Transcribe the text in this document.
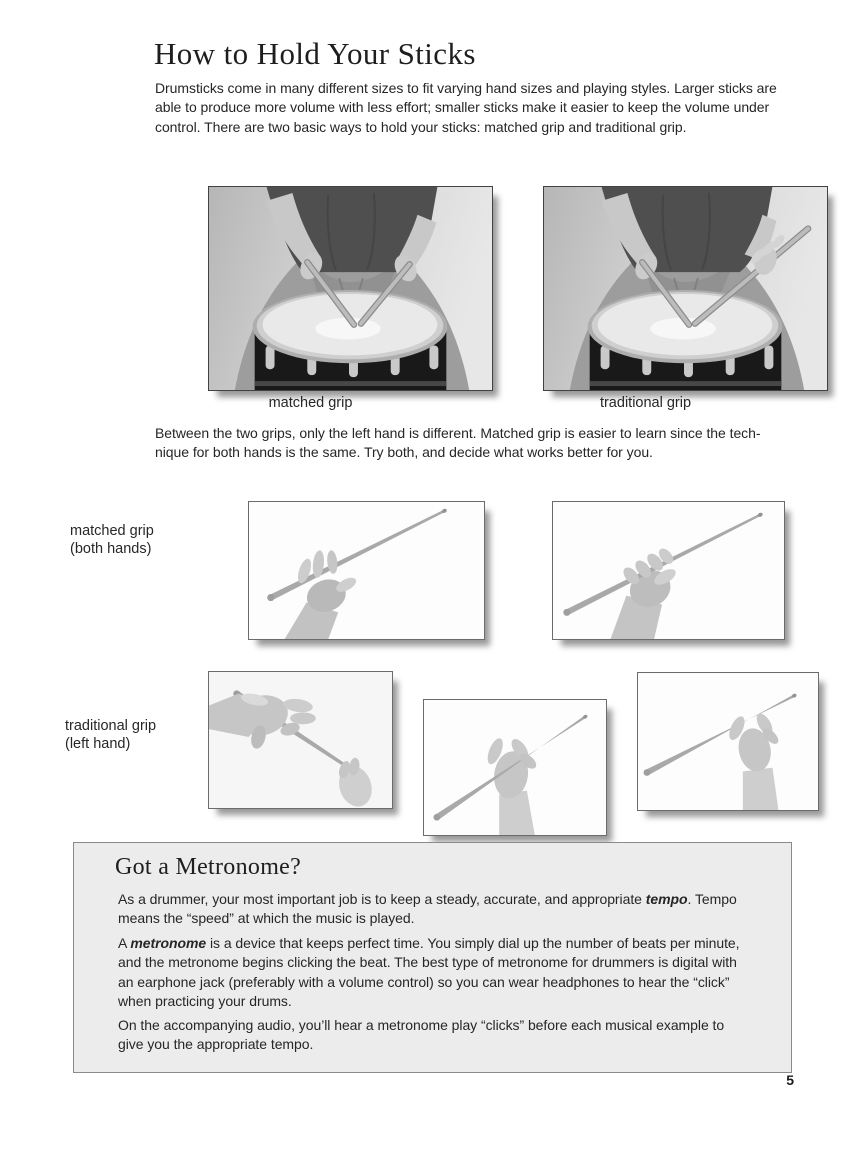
How to Hold Your Sticks

Drumsticks come in many different sizes to fit varying hand sizes and playing styles. Larger sticks are
able to produce more volume with less effort; smaller sticks make it easier to keep the volume under
control. There are two basic ways to hold your sticks: matched grip and traditional grip.

matched grip	traditional grip

Between the two grips, only the left hand is different. Matched grip is easier to learn since the tech-
nique for both hands is the same. Try both, and decide what works better for you.

matched grip
(both hands)
traditional grip
(left hand)
Got a Metronome?

As a drummer, your most important job is to keep a steady, accurate, and appropriate tempo. Tempo
means the “speed” at which the music is played.

A metronome is a device that keeps perfect time. You simply dial up the number of beats per minute,
and the metronome begins clicking the beat. The best type of metronome for drummers is digital with
an earphone jack (preferably with a volume control) so you can wear headphones to hear the “click”
when practicing your drums.

On the accompanying audio, you’ll hear a metronome play “clicks” before each musical example to
give you the appropriate tempo.

5
